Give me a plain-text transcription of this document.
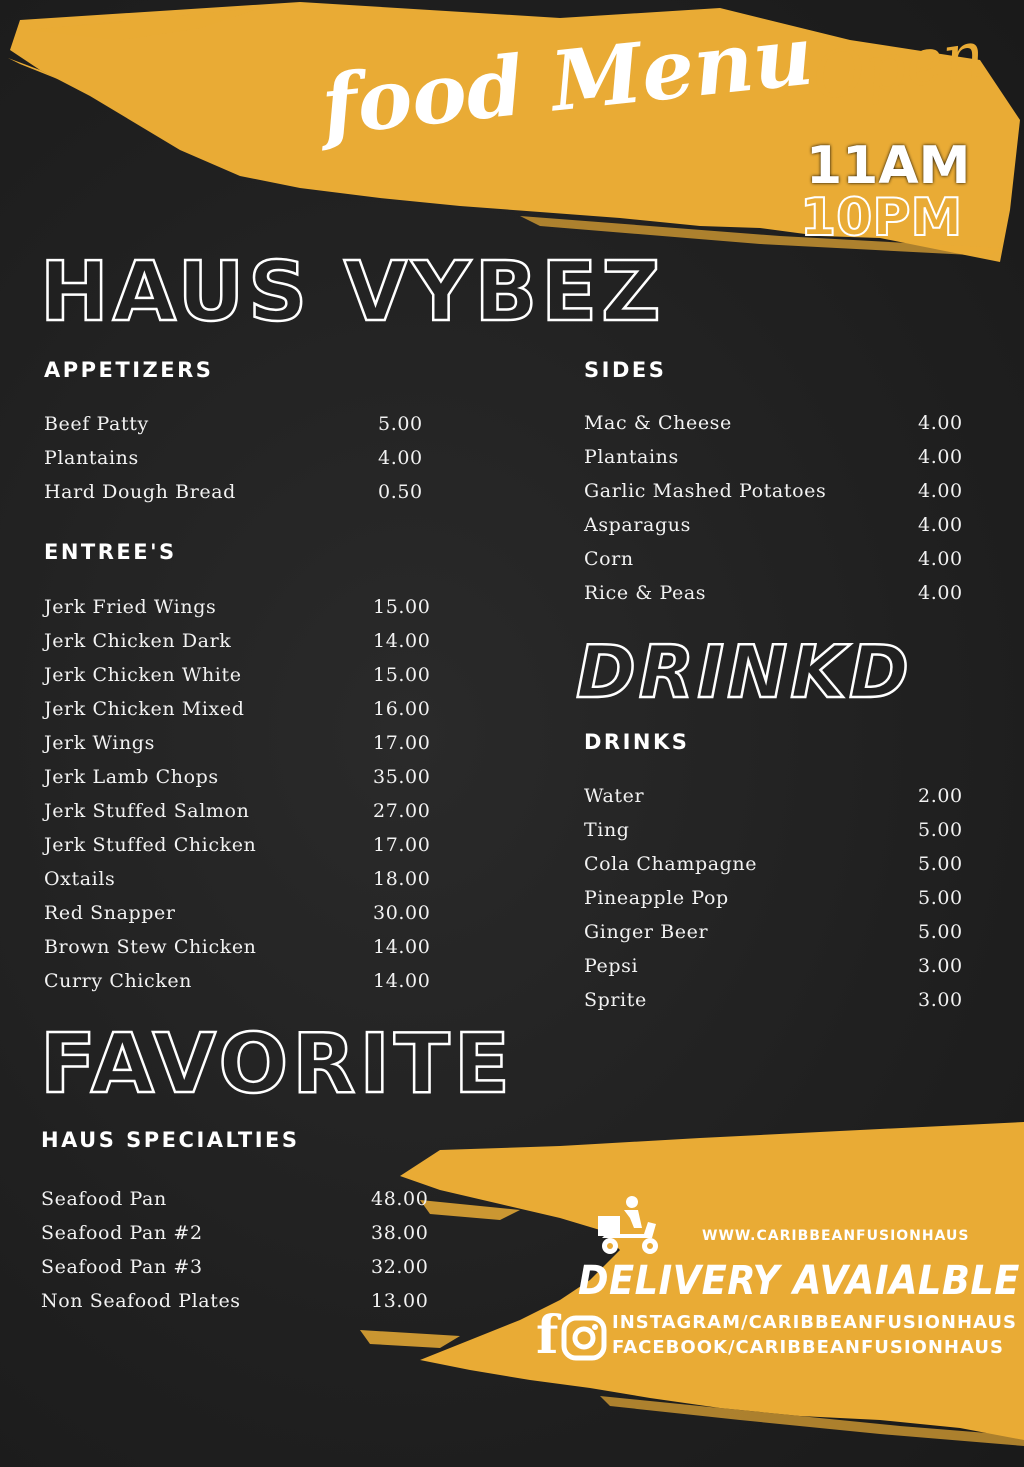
food Menu
Open
11AM
10PM
HAUS VYBEZ
APPETIZERS
Beef Patty	5.00
Plantains	4.00
Hard Dough Bread	0.50
ENTREE'S
Jerk Fried Wings	15.00
Jerk Chicken Dark	14.00
Jerk Chicken White	15.00
Jerk Chicken Mixed	16.00
Jerk Wings	17.00
Jerk Lamb Chops	35.00
Jerk Stuffed Salmon	27.00
Jerk Stuffed Chicken	17.00
Oxtails	18.00
Red Snapper	30.00
Brown Stew Chicken	14.00
Curry Chicken	14.00
SIDES
Mac & Cheese	4.00
Plantains	4.00
Garlic Mashed Potatoes	4.00
Asparagus	4.00
Corn	4.00
Rice & Peas	4.00
DRINKD
DRINKS
Water	2.00
Ting	5.00
Cola Champagne	5.00
Pineapple Pop	5.00
Ginger Beer	5.00
Pepsi	3.00
Sprite	3.00
FAVORITE
HAUS SPECIALTIES
Seafood Pan	48.00
Seafood Pan #2	38.00
Seafood Pan #3	32.00
Non Seafood Plates	13.00
WWW.CARIBBEANFUSIONHAUS
DELIVERY AVAIALBLE
f	INSTAGRAM/CARIBBEANFUSIONHAUS
FACEBOOK/CARIBBEANFUSIONHAUS
